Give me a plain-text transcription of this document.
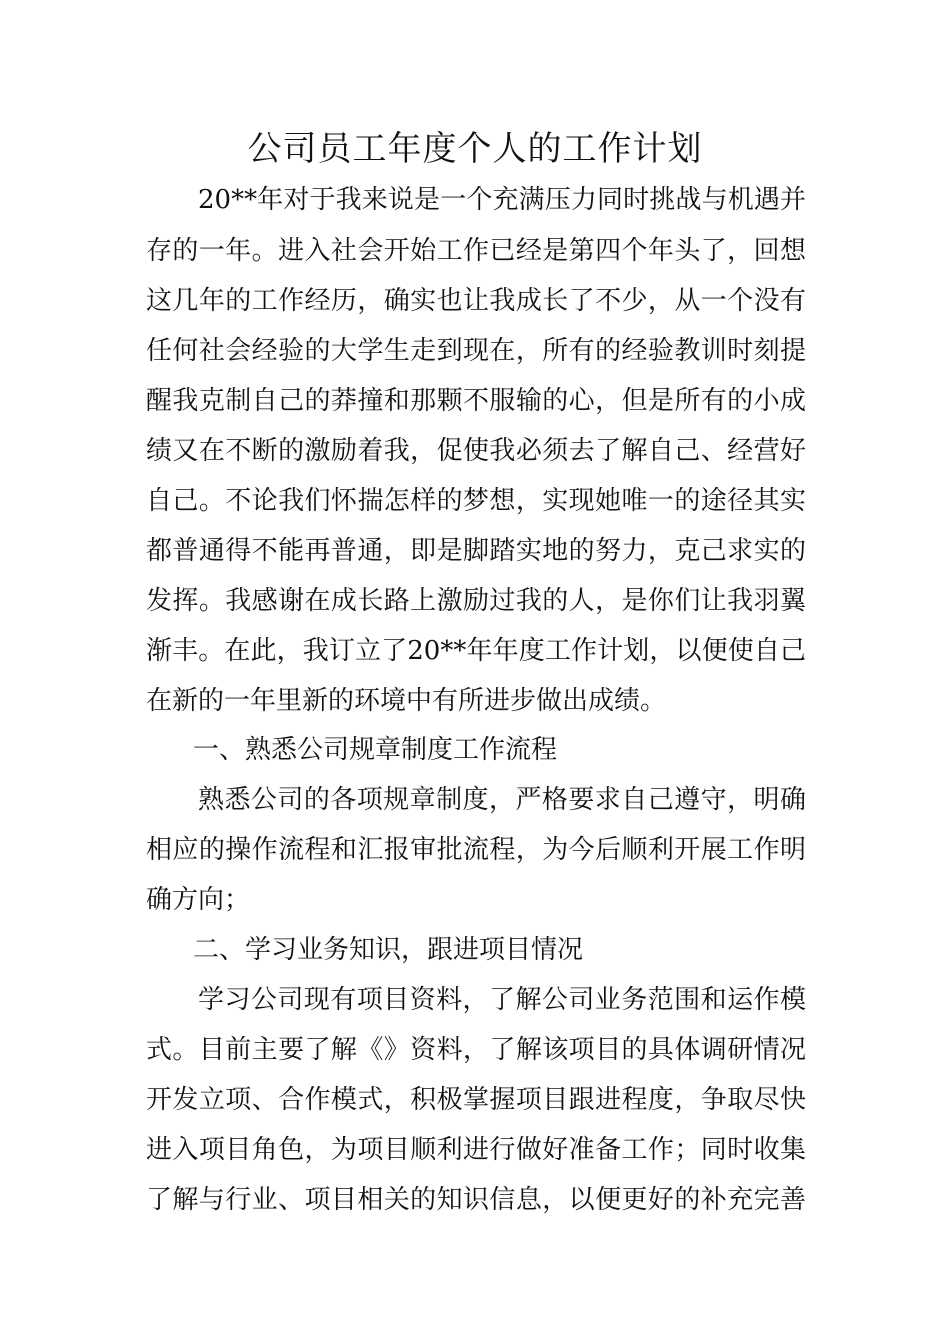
公司员工年度个人的工作计划
20**年对于我来说是一个充满压力同时挑战与机遇并
存的一年。进入社会开始工作已经是第四个年头了，回想
这几年的工作经历，确实也让我成长了不少，从一个没有
任何社会经验的大学生走到现在，所有的经验教训时刻提
醒我克制自己的莽撞和那颗不服输的心，但是所有的小成
绩又在不断的激励着我，促使我必须去了解自己、经营好
自己。不论我们怀揣怎样的梦想，实现她唯一的途径其实
都普通得不能再普通，即是脚踏实地的努力，克己求实的
发挥。我感谢在成长路上激励过我的人，是你们让我羽翼
渐丰。在此，我订立了20**年年度工作计划，以便使自己
在新的一年里新的环境中有所进步做出成绩。
一、熟悉公司规章制度工作流程
熟悉公司的各项规章制度，严格要求自己遵守，明确
相应的操作流程和汇报审批流程，为今后顺利开展工作明
确方向；
二、学习业务知识，跟进项目情况
学习公司现有项目资料，了解公司业务范围和运作模
式。目前主要了解《》资料，了解该项目的具体调研情况
开发立项、合作模式，积极掌握项目跟进程度，争取尽快
进入项目角色，为项目顺利进行做好准备工作；同时收集
了解与行业、项目相关的知识信息，以便更好的补充完善
